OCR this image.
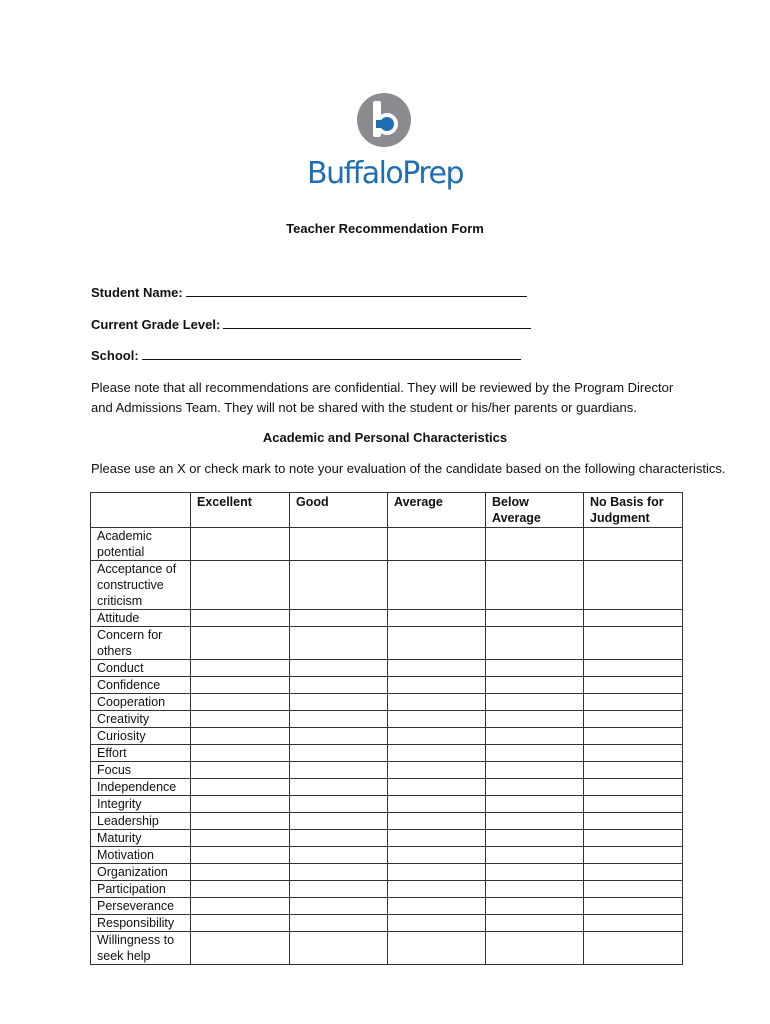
BuffaloPrep
Teacher Recommendation Form
Student Name:
Current Grade Level:
School:
Please note that all recommendations are confidential. They will be reviewed by the Program Director and Admissions Team. They will not be shared with the student or his/her parents or guardians.
Academic and Personal Characteristics
Please use an X or check mark to note your evaluation of the candidate based on the following characteristics.
	Excellent	Good	Average	Below Average	No Basis for Judgment
Academic potential					
Acceptance of constructive criticism					
Attitude					
Concern for others					
Conduct					
Confidence					
Cooperation					
Creativity					
Curiosity					
Effort					
Focus					
Independence					
Integrity					
Leadership					
Maturity					
Motivation					
Organization					
Participation					
Perseverance					
Responsibility					
Willingness to seek help					
